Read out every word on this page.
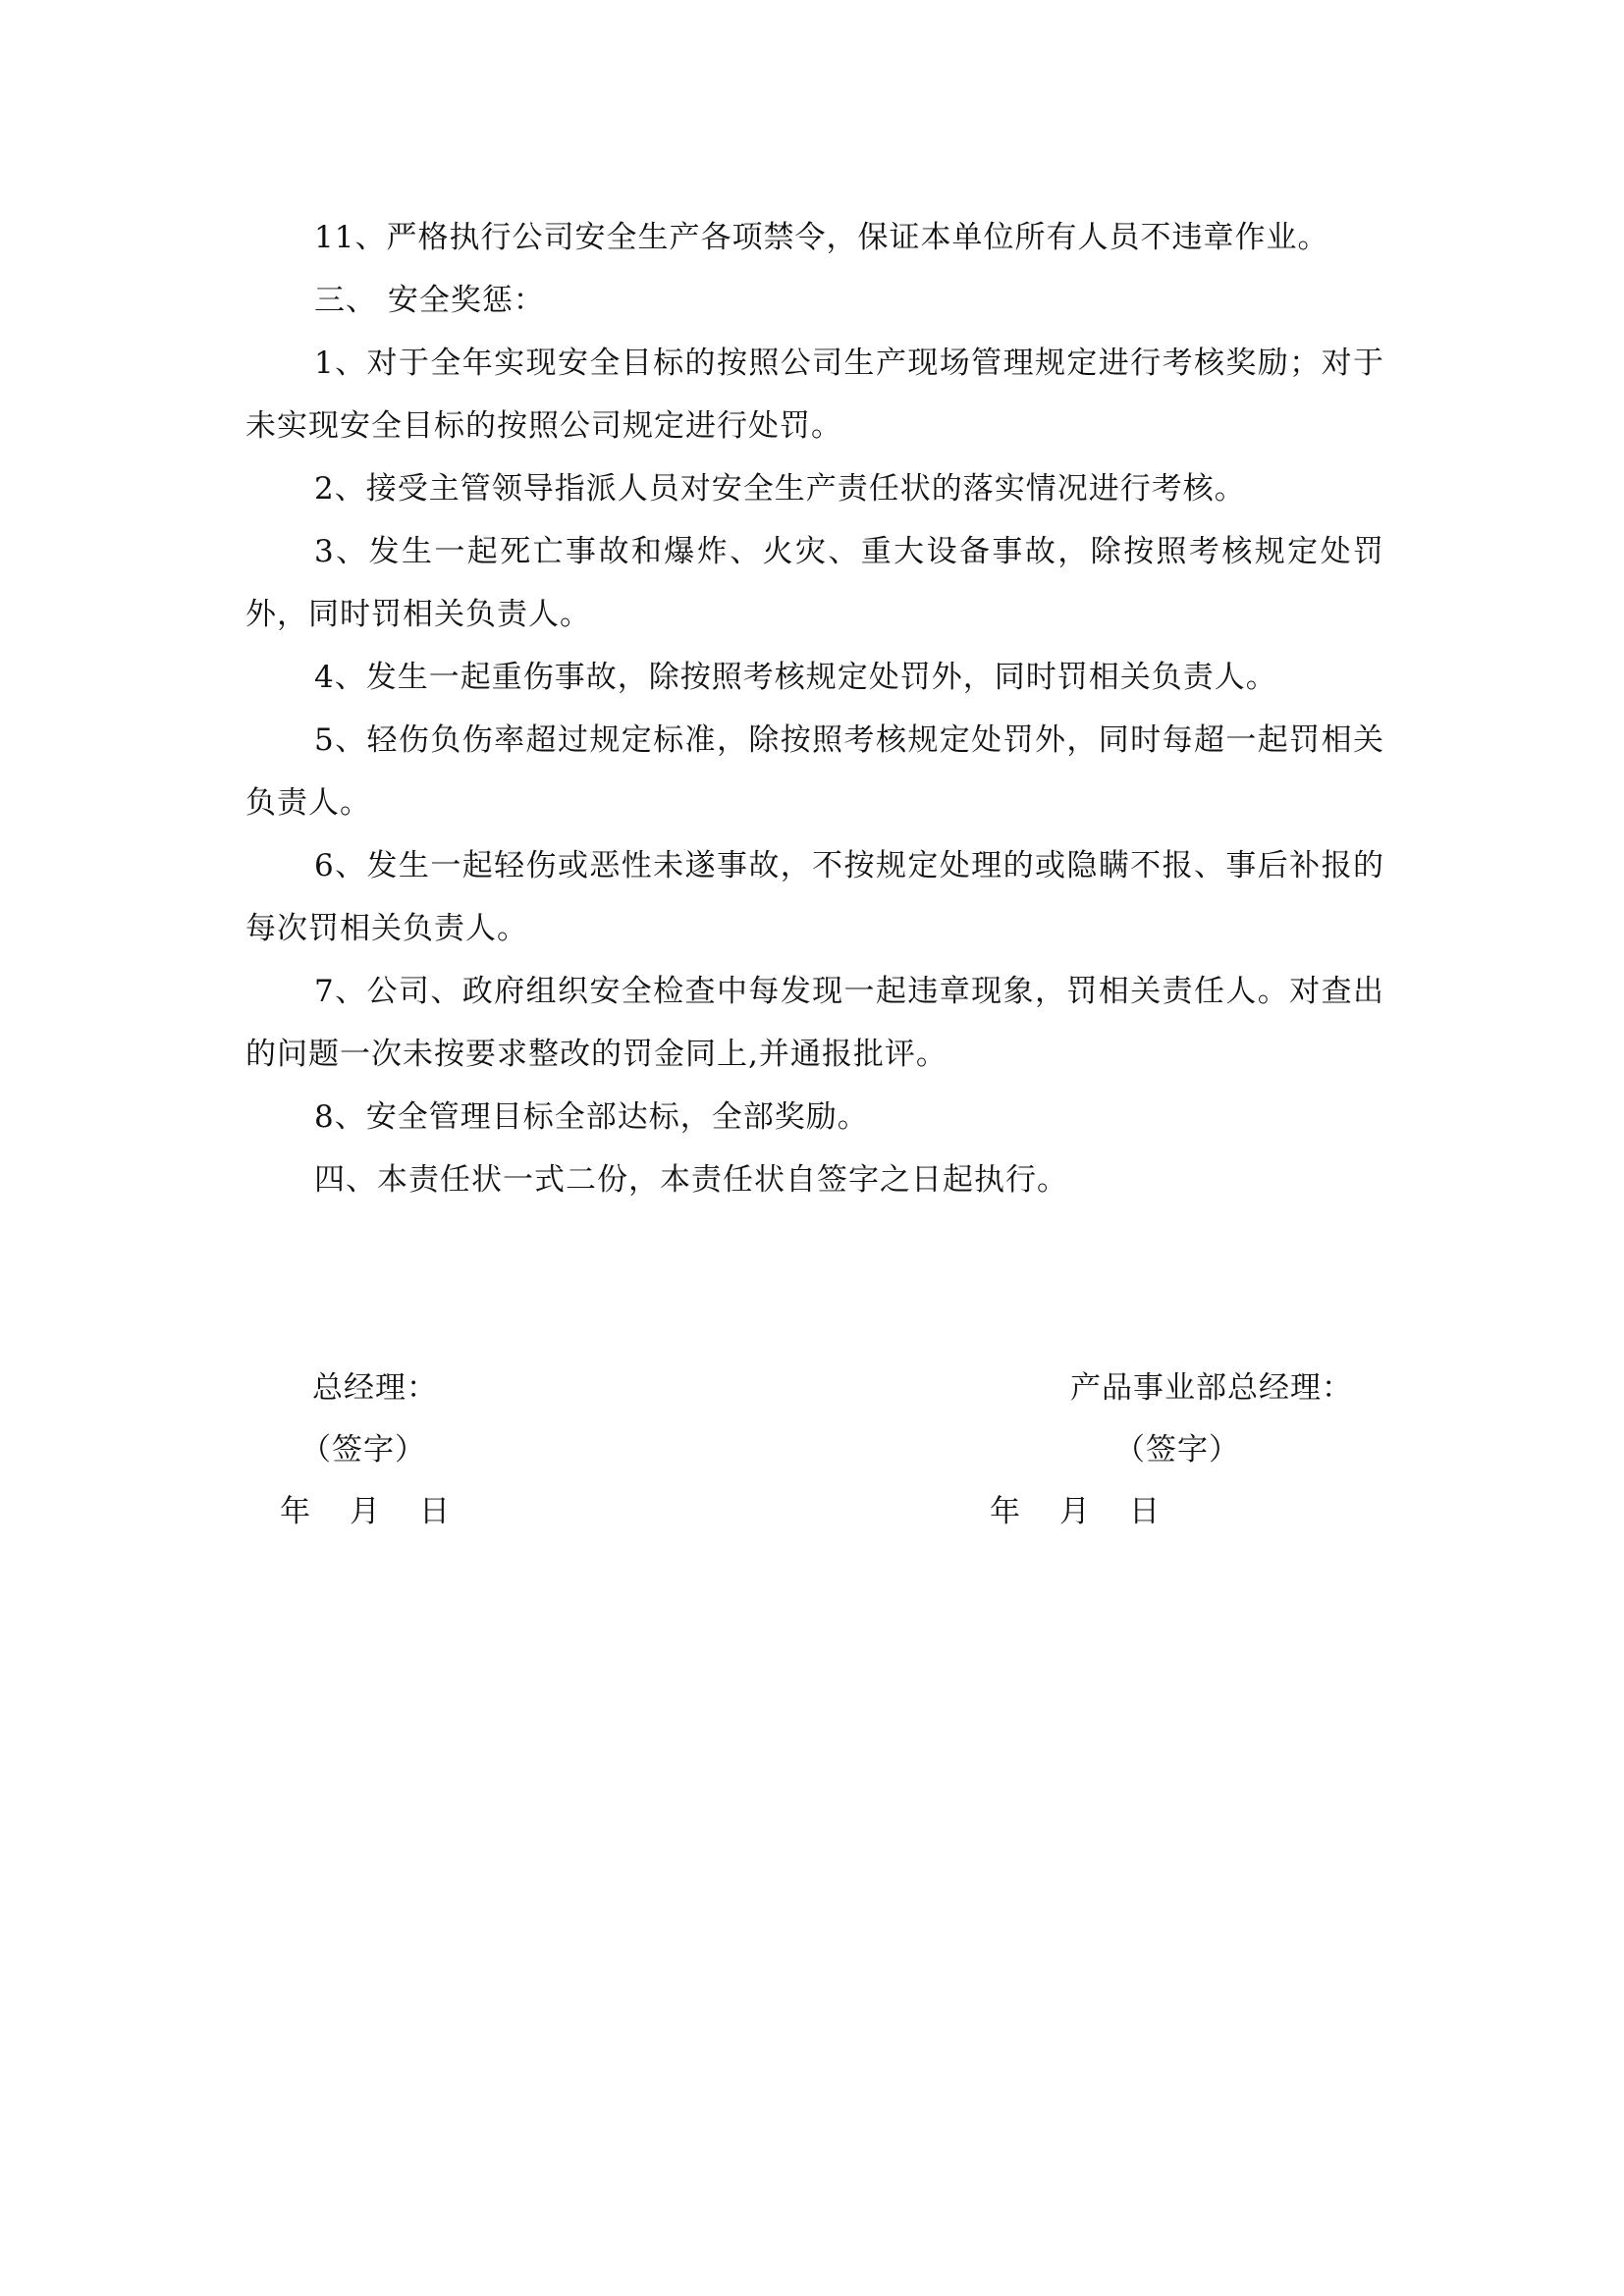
11、严格执行公司安全生产各项禁令，保证本单位所有人员不违章作业。

三、 安全奖惩：

1、对于全年实现安全目标的按照公司生产现场管理规定进行考核奖励；对于未实现安全目标的按照公司规定进行处罚。

2、接受主管领导指派人员对安全生产责任状的落实情况进行考核。

3、发生一起死亡事故和爆炸、火灾、重大设备事故，除按照考核规定处罚外，同时罚相关负责人。

4、发生一起重伤事故，除按照考核规定处罚外，同时罚相关负责人。

5、轻伤负伤率超过规定标准，除按照考核规定处罚外，同时每超一起罚相关负责人。

6、发生一起轻伤或恶性未遂事故，不按规定处理的或隐瞒不报、事后补报的每次罚相关负责人。

7、公司、政府组织安全检查中每发现一起违章现象，罚相关责任人。对查出的问题一次未按要求整改的罚金同上,并通报批评。

8、安全管理目标全部达标，全部奖励。

四、本责任状一式二份，本责任状自签字之日起执行。

总经理：
（签字）
年 月 日
产品事业部总经理：
（签字）
年 月 日
